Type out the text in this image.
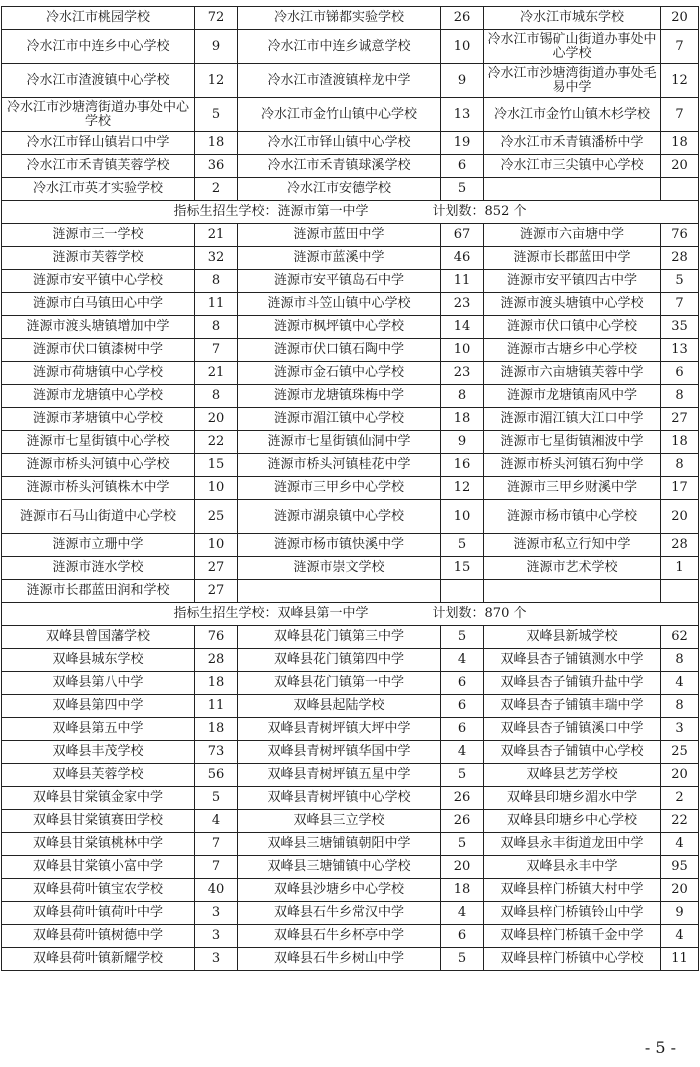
冷水江市桃园学校	72	冷水江市锑都实验学校	26	冷水江市城东学校	20
冷水江市中连乡中心学校	9	冷水江市中连乡诚意学校	10	冷水江市锡矿山街道办事处中心学校	7
冷水江市渣渡镇中心学校	12	冷水江市渣渡镇梓龙中学	9	冷水江市沙塘湾街道办事处毛易中学	12
冷水江市沙塘湾街道办事处中心学校	5	冷水江市金竹山镇中心学校	13	冷水江市金竹山镇木杉学校	7
冷水江市铎山镇岩口中学	18	冷水江市铎山镇中心学校	19	冷水江市禾青镇潘桥中学	18
冷水江市禾青镇芙蓉学校	36	冷水江市禾青镇球溪学校	6	冷水江市三尖镇中心学校	20
冷水江市英才实验学校	2	冷水江市安德学校	5		
指标生招生学校：涟源市第一中学 计划数：852 个					
涟源市三一学校	21	涟源市蓝田中学	67	涟源市六亩塘中学	76
涟源市芙蓉学校	32	涟源市蓝溪中学	46	涟源市长郡蓝田中学	28
涟源市安平镇中心学校	8	涟源市安平镇岛石中学	11	涟源市安平镇四古中学	5
涟源市白马镇田心中学	11	涟源市斗笠山镇中心学校	23	涟源市渡头塘镇中心学校	7
涟源市渡头塘镇增加中学	8	涟源市枫坪镇中心学校	14	涟源市伏口镇中心学校	35
涟源市伏口镇漆树中学	7	涟源市伏口镇石陶中学	10	涟源市古塘乡中心学校	13
涟源市荷塘镇中心学校	21	涟源市金石镇中心学校	23	涟源市六亩塘镇芙蓉中学	6
涟源市龙塘镇中心学校	8	涟源市龙塘镇珠梅中学	8	涟源市龙塘镇南风中学	8
涟源市茅塘镇中心学校	20	涟源市湄江镇中心学校	18	涟源市湄江镇大江口中学	27
涟源市七星街镇中心学校	22	涟源市七星街镇仙洞中学	9	涟源市七星街镇湘波中学	18
涟源市桥头河镇中心学校	15	涟源市桥头河镇桂花中学	16	涟源市桥头河镇石狗中学	8
涟源市桥头河镇株木中学	10	涟源市三甲乡中心学校	12	涟源市三甲乡财溪中学	17
涟源市石马山街道中心学校	25	涟源市湖泉镇中心学校	10	涟源市杨市镇中心学校	20
涟源市立珊中学	10	涟源市杨市镇快溪中学	5	涟源市私立行知中学	28
涟源市涟水学校	27	涟源市崇文学校	15	涟源市艺术学校	1
涟源市长郡蓝田润和学校	27				
指标生招生学校：双峰县第一中学 计划数：870 个					
双峰县曾国藩学校	76	双峰县花门镇第三中学	5	双峰县新城学校	62
双峰县城东学校	28	双峰县花门镇第四中学	4	双峰县杏子铺镇测水中学	8
双峰县第八中学	18	双峰县花门镇第一中学	6	双峰县杏子铺镇升盐中学	4
双峰县第四中学	11	双峰县起陆学校	6	双峰县杏子铺镇丰瑞中学	8
双峰县第五中学	18	双峰县青树坪镇大坪中学	6	双峰县杏子铺镇溪口中学	3
双峰县丰茂学校	73	双峰县青树坪镇华国中学	4	双峰县杏子铺镇中心学校	25
双峰县芙蓉学校	56	双峰县青树坪镇五星中学	5	双峰县艺芳学校	20
双峰县甘棠镇金家中学	5	双峰县青树坪镇中心学校	26	双峰县印塘乡湄水中学	2
双峰县甘棠镇赛田学校	4	双峰县三立学校	26	双峰县印塘乡中心学校	22
双峰县甘棠镇桃林中学	7	双峰县三塘铺镇朝阳中学	5	双峰县永丰街道龙田中学	4
双峰县甘棠镇小富中学	7	双峰县三塘铺镇中心学校	20	双峰县永丰中学	95
双峰县荷叶镇宝农学校	40	双峰县沙塘乡中心学校	18	双峰县梓门桥镇大村中学	20
双峰县荷叶镇荷叶中学	3	双峰县石牛乡常汉中学	4	双峰县梓门桥镇铃山中学	9
双峰县荷叶镇树德中学	3	双峰县石牛乡杯亭中学	6	双峰县梓门桥镇千金中学	4
双峰县荷叶镇新耀学校	3	双峰县石牛乡树山中学	5	双峰县梓门桥镇中心学校	11
- 5 -
